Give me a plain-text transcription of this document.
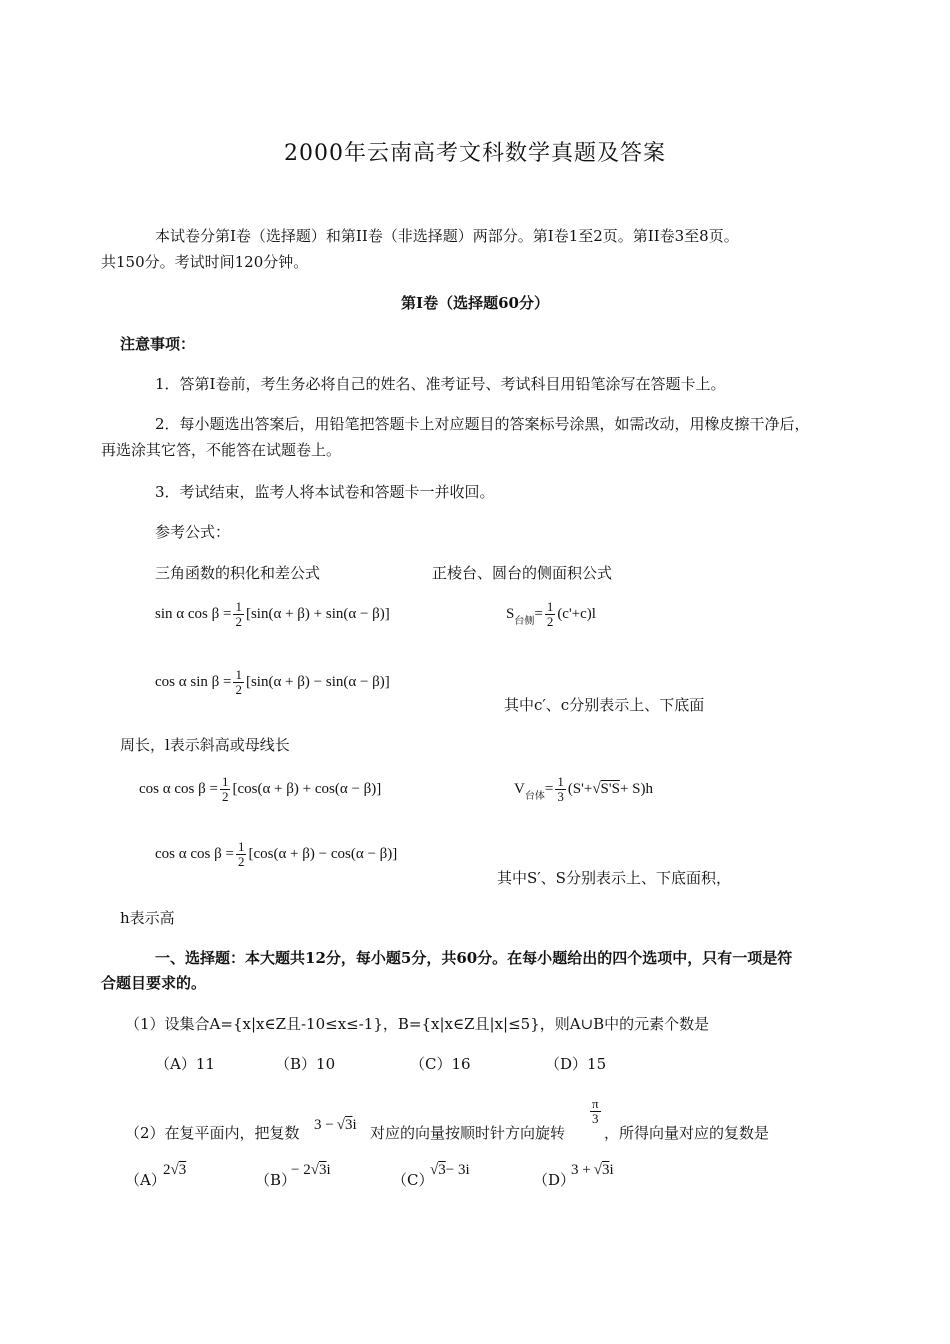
2000年云南高考文科数学真题及答案
本试卷分第Ⅰ卷（选择题）和第II卷（非选择题）两部分。第Ⅰ卷1至2页。第II卷3至8页。
共150分。考试时间120分钟。
第Ⅰ卷（选择题60分）
注意事项：
1．答第Ⅰ卷前，考生务必将自己的姓名、准考证号、考试科目用铅笔涂写在答题卡上。
2．每小题选出答案后，用铅笔把答题卡上对应题目的答案标号涂黑，如需改动，用橡皮擦干净后，
再选涂其它答，不能答在试题卷上。
3．考试结束，监考人将本试卷和答题卡一并收回。
参考公式：
三角函数的积化和差公式	正棱台、圆台的侧面积公式
sin α $\cos \beta = \frac{1}{2} [\sin(\alpha + \beta) + \sin(\alpha - \beta)]$	S 台侧 = $\frac{1}{2} (c'+c)l$
cos α $\sin \beta = \frac{1}{2} [\sin(\alpha + \beta) - \sin(\alpha - \beta)]$
其中c′、c分别表示上、下底面
周长，l表示斜高或母线长
cos α $\cos \beta = \frac{1}{2} [\cos(\alpha + \beta) + \cos(\alpha - \beta)]$	V 台体 = $\frac{1}{3} (S'+$ √ S'S + S)h
cos α $\cos \beta = \frac{1}{2} [\cos(\alpha + \beta) - \cos(\alpha - \beta)]$
其中S′、S分别表示上、下底面积，
h表示高
一、选择题：本大题共12分，每小题5分，共60分。在每小题给出的四个选项中，只有一项是符
合题目要求的。
（1）设集合A={x|x∈Z且-10≤x≤-1}，B={x|x∈Z且|x|≤5}，则A∪B中的元素个数是
（A）11	（B）10	（C）16	（D）15
（2）在复平面内，把复数 3 − √ 3 i 对应的向量按顺时针方向旋转
$\frac{\pi}{3}$
，所得向量对应的复数是
（A）
2 √ 3
（B）
− 2 √ 3 i
（C）
√ 3 − 3i
（D）
3 + √ 3 i
